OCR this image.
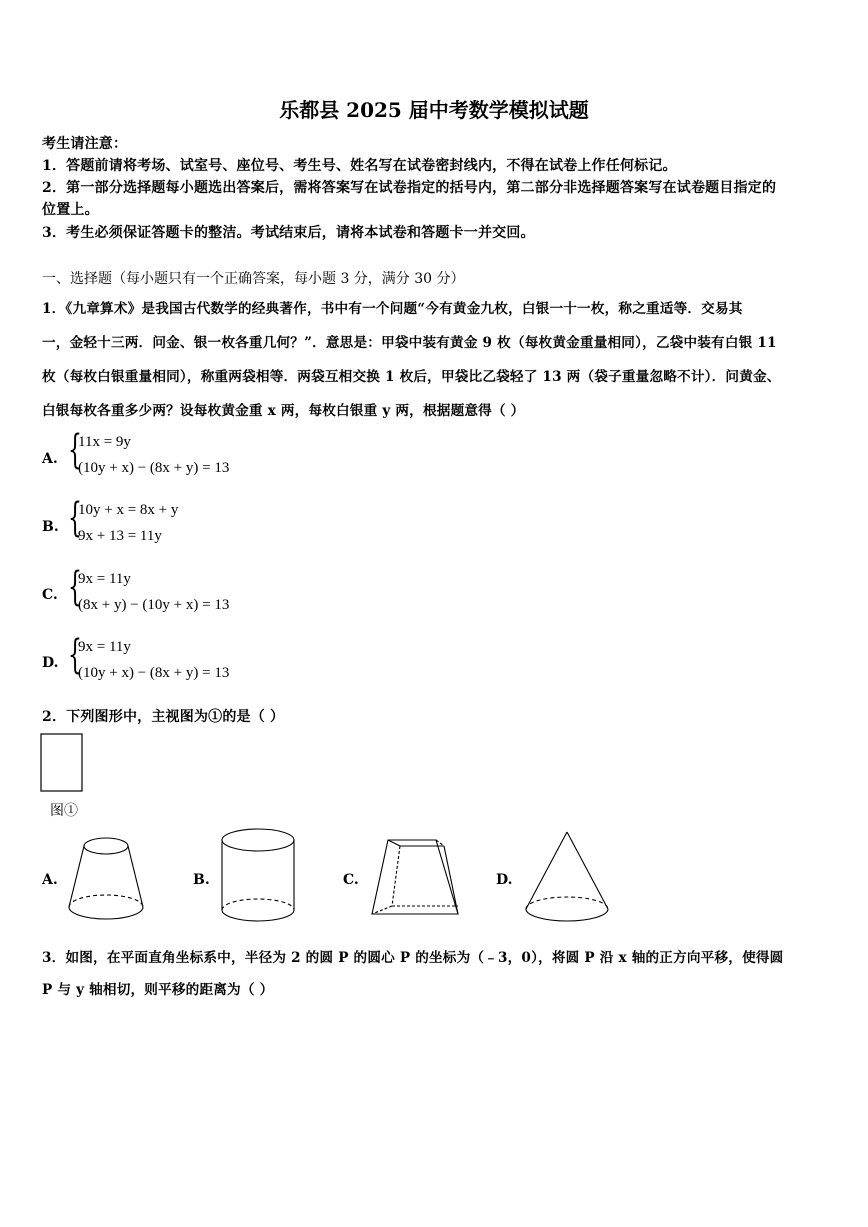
乐都县 2025 届中考数学模拟试题
考生请注意：
1．答题前请将考场、试室号、座位号、考生号、姓名写在试卷密封线内，不得在试卷上作任何标记。
2．第一部分选择题每小题选出答案后，需将答案写在试卷指定的括号内，第二部分非选择题答案写在试卷题目指定的
位置上。
3．考生必须保证答题卡的整洁。考试结束后，请将本试卷和答题卡一并交回。
一、选择题（每小题只有一个正确答案，每小题 3 分，满分 30 分）
1．《九章算术》是我国古代数学的经典著作，书中有一个问题“今有黄金九枚，白银一十一枚，称之重适等．交易其
一，金轻十三两．问金、银一枚各重几何？”．意思是：甲袋中装有黄金 9 枚（每枚黄金重量相同），乙袋中装有白银 11
枚（每枚白银重量相同），称重两袋相等．两袋互相交换 1 枚后，甲袋比乙袋轻了 13 两（袋子重量忽略不计）．问黄金、
白银每枚各重多少两？设每枚黄金重 x 两，每枚白银重 y 两，根据题意得（ ）
A. {
11x = 9y
(10y + x) − (8x + y) = 13
B. {
10y + x = 8x + y
9x + 13 = 11y
C. {
9x = 11y
(8x + y) − (10y + x) = 13
D. {
9x = 11y
(10y + x) − (8x + y) = 13
2．下列图形中，主视图为①的是（ ）
图①
A.	B.	C.	D.
3．如图，在平面直角坐标系中，半径为 2 的圆 P 的圆心 P 的坐标为（﹣3，0），将圆 P 沿 x 轴的正方向平移，使得圆
P 与 y 轴相切，则平移的距离为（ ）
